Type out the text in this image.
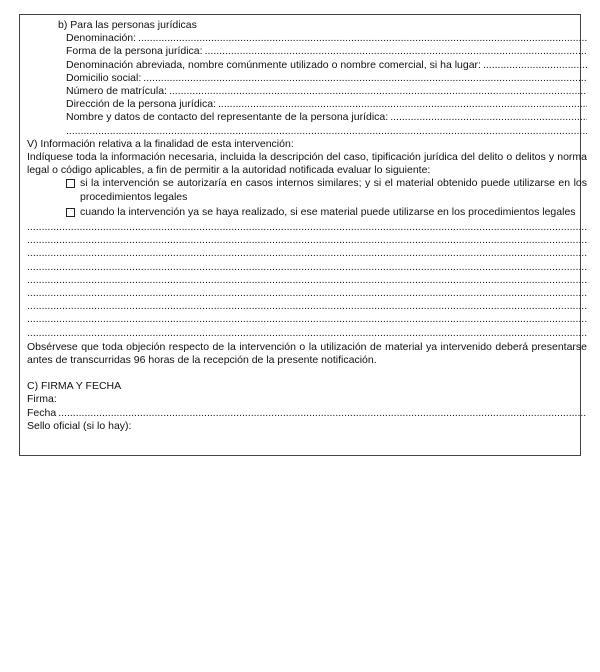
b) Para las personas jurídicas
Denominación:
.....
Forma de la persona jurídica:
.....
Denominación abreviada, nombre comúnmente utilizado o nombre comercial, si ha lugar:
.....
Domicilio social:
.....
Número de matrícula:
.....
Dirección de la persona jurídica:
.....
Nombre y datos de contacto del representante de la persona jurídica:
.....
.....
V) Información relativa a la finalidad de esta intervención:
Indíquese toda la información necesaria, incluida la descripción del caso, tipificación jurídica del delito o delitos y norma legal o código aplicables, a fin de permitir a la autoridad notificada evaluar lo siguiente:
si la intervención se autorizaría en casos internos similares; y si el material obtenido puede utilizarse en los procedimientos legales
cuando la intervención ya se haya realizado, si ese material puede utilizarse en los procedimientos legales
.....
.....
.....
.....
.....
.....
.....
.....
.....
Obsérvese que toda objeción respecto de la intervención o la utilización de material ya intervenido deberá presentarse antes de transcurridas 96 horas de la recepción de la presente notificación.
C) FIRMA Y FECHA
Firma:
Fecha
.....
Sello oficial (si lo hay):
